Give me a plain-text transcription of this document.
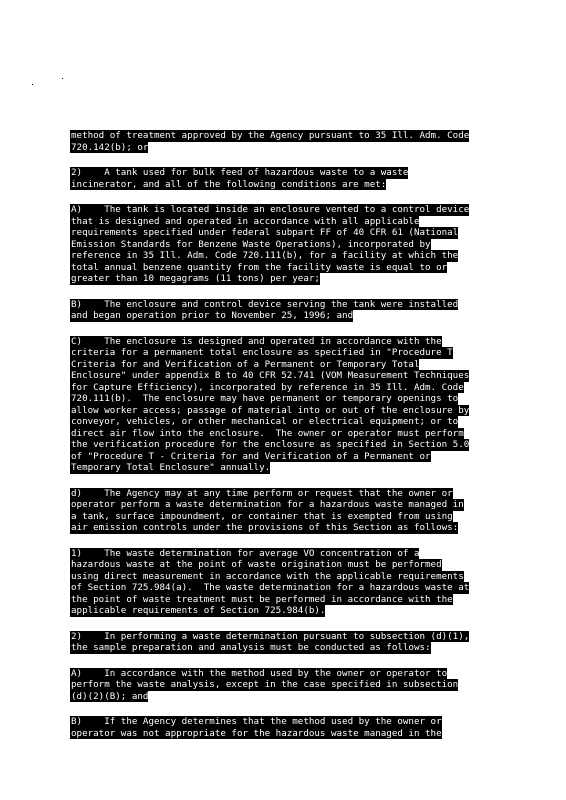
method of treatment approved by the Agency pursuant to 35 Ill. Adm. Code
720.142(b); or
2)    A tank used for bulk feed of hazardous waste to a waste
incinerator, and all of the following conditions are met:
A)    The tank is located inside an enclosure vented to a control device
that is designed and operated in accordance with all applicable
requirements specified under federal subpart FF of 40 CFR 61 (National
Emission Standards for Benzene Waste Operations), incorporated by
reference in 35 Ill. Adm. Code 720.111(b), for a facility at which the
total annual benzene quantity from the facility waste is equal to or
greater than 10 megagrams (11 tons) per year;
B)    The enclosure and control device serving the tank were installed
and began operation prior to November 25, 1996; and
C)    The enclosure is designed and operated in accordance with the
criteria for a permanent total enclosure as specified in "Procedure T
Criteria for and Verification of a Permanent or Temporary Total
Enclosure" under appendix B to 40 CFR 52.741 (VOM Measurement Techniques
for Capture Efficiency), incorporated by reference in 35 Ill. Adm. Code
720.111(b).  The enclosure may have permanent or temporary openings to
allow worker access; passage of material into or out of the enclosure by
conveyor, vehicles, or other mechanical or electrical equipment; or to
direct air flow into the enclosure.  The owner or operator must perform
the verification procedure for the enclosure as specified in Section 5.0
of "Procedure T - Criteria for and Verification of a Permanent or
Temporary Total Enclosure" annually.
d)    The Agency may at any time perform or request that the owner or
operator perform a waste determination for a hazardous waste managed in
a tank, surface impoundment, or container that is exempted from using
air emission controls under the provisions of this Section as follows:
1)    The waste determination for average VO concentration of a
hazardous waste at the point of waste origination must be performed
using direct measurement in accordance with the applicable requirements
of Section 725.984(a).  The waste determination for a hazardous waste at
the point of waste treatment must be performed in accordance with the
applicable requirements of Section 725.984(b).
2)    In performing a waste determination pursuant to subsection (d)(1),
the sample preparation and analysis must be conducted as follows:
A)    In accordance with the method used by the owner or operator to
perform the waste analysis, except in the case specified in subsection
(d)(2)(B); and
B)    If the Agency determines that the method used by the owner or
operator was not appropriate for the hazardous waste managed in the
